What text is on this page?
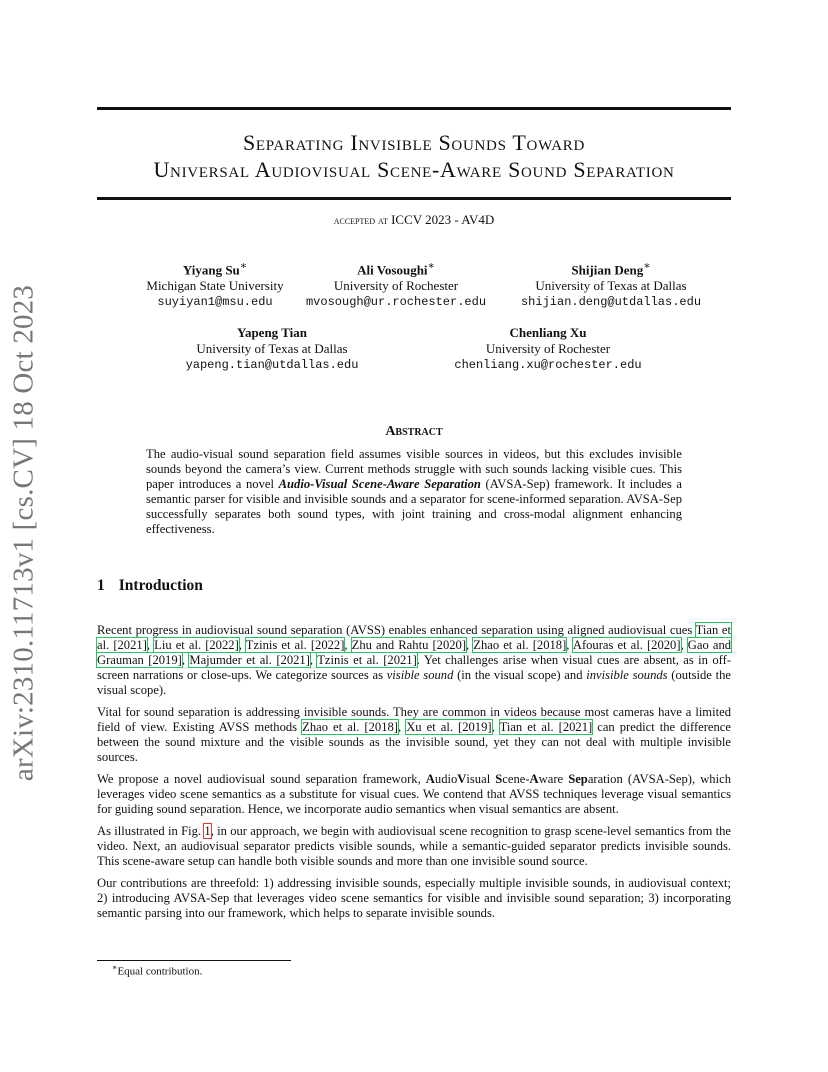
arXiv:2310.11713v1 [cs.CV] 18 Oct 2023
Separating Invisible Sounds Toward
Universal Audiovisual Scene-Aware Sound Separation
accepted at ICCV 2023 - AV4D
Yiyang Su∗
Michigan State University
suyiyan1@msu.edu
Ali Vosoughi∗
University of Rochester
mvosough@ur.rochester.edu
Shijian Deng∗
University of Texas at Dallas
shijian.deng@utdallas.edu
Yapeng Tian
University of Texas at Dallas
yapeng.tian@utdallas.edu
Chenliang Xu
University of Rochester
chenliang.xu@rochester.edu
Abstract
The audio-visual sound separation field assumes visible sources in videos, but this excludes invisible sounds beyond the camera’s view. Current methods struggle with such sounds lacking visible cues. This paper introduces a novel Audio-Visual Scene-Aware Separation (AVSA-Sep) framework. It includes a semantic parser for visible and invisible sounds and a separator for scene-informed separation. AVSA-Sep successfully separates both sound types, with joint training and cross-modal alignment enhancing effectiveness.
1 Introduction

Recent progress in audiovisual sound separation (AVSS) enables enhanced separation using aligned audiovisual cues Tian et al. [2021], Liu et al. [2022], Tzinis et al. [2022], Zhu and Rahtu [2020], Zhao et al. [2018], Afouras et al. [2020], Gao and Grauman [2019], Majumder et al. [2021], Tzinis et al. [2021]. Yet challenges arise when visual cues are absent, as in off-screen narrations or close-ups. We categorize sources as visible sound (in the visual scope) and invisible sounds (outside the visual scope).

Vital for sound separation is addressing invisible sounds. They are common in videos because most cameras have a limited field of view. Existing AVSS methods Zhao et al. [2018], Xu et al. [2019], Tian et al. [2021] can predict the difference between the sound mixture and the visible sounds as the invisible sound, yet they can not deal with multiple invisible sources.

We propose a novel audiovisual sound separation framework, AudioVisual Scene-Aware Separation (AVSA-Sep), which leverages video scene semantics as a substitute for visual cues. We contend that AVSS techniques leverage visual semantics for guiding sound separation. Hence, we incorporate audio semantics when visual semantics are absent.

As illustrated in Fig. 1, in our approach, we begin with audiovisual scene recognition to grasp scene-level semantics from the video. Next, an audiovisual separator predicts visible sounds, while a semantic-guided separator predicts invisible sounds. This scene-aware setup can handle both visible sounds and more than one invisible sound source.

Our contributions are threefold: 1) addressing invisible sounds, especially multiple invisible sounds, in audiovisual context; 2) introducing AVSA-Sep that leverages video scene semantics for visible and invisible sound separation; 3) incorporating semantic parsing into our framework, which helps to separate invisible sounds.

∗Equal contribution.
